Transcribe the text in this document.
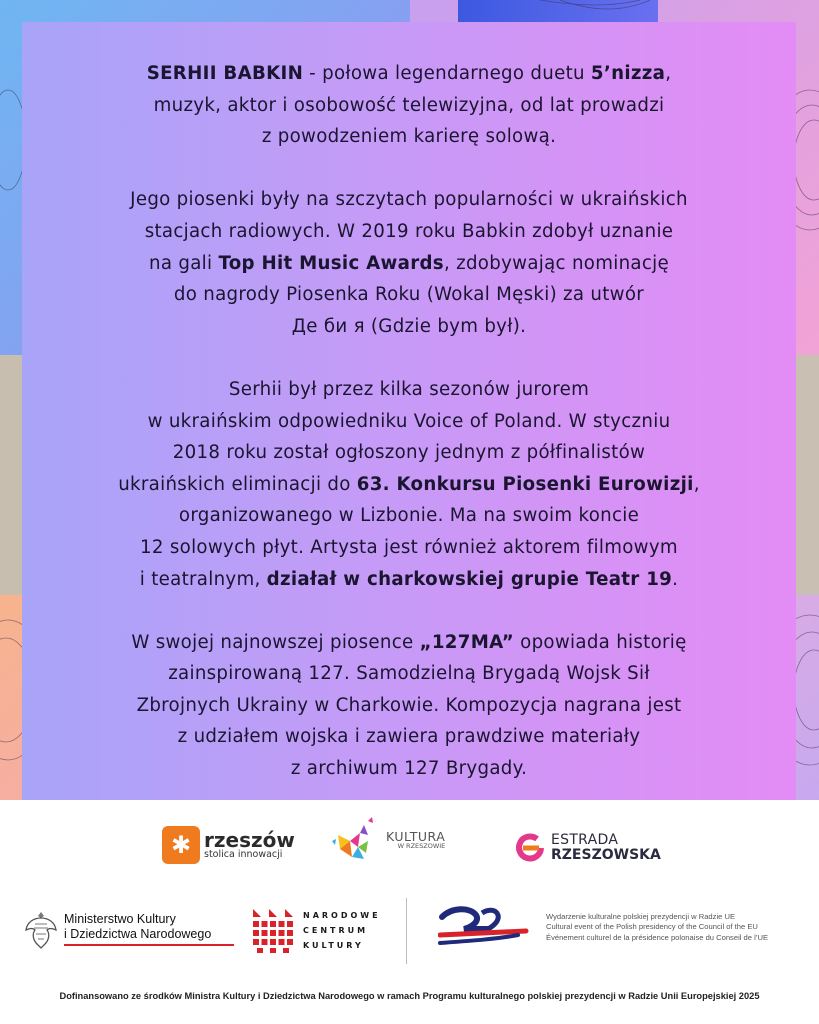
SERHII BABKIN - połowa legendarnego duetu 5’nizza,
muzyk, aktor i osobowość telewizyjna, od lat prowadzi
z powodzeniem karierę solową.

Jego piosenki były na szczytach popularności w ukraińskich
stacjach radiowych. W 2019 roku Babkin zdobył uznanie
na gali Top Hit Music Awards, zdobywając nominację
do nagrody Piosenka Roku (Wokal Męski) za utwór
Де би я (Gdzie bym był).

Serhii był przez kilka sezonów jurorem
w ukraińskim odpowiedniku Voice of Poland. W styczniu
2018 roku został ogłoszony jednym z półfinalistów
ukraińskich eliminacji do 63. Konkursu Piosenki Eurowizji,
organizowanego w Lizbonie. Ma na swoim koncie
12 solowych płyt. Artysta jest również aktorem filmowym
i teatralnym, działał w charkowskiej grupie Teatr 19.

W swojej najnowszej piosence „127MA” opowiada historię
zainspirowaną 127. Samodzielną Brygadą Wojsk Sił
Zbrojnych Ukrainy w Charkowie. Kompozycja nagrana jest
z udziałem wojska i zawiera prawdziwe materiały
z archiwum 127 Brygady.

✱ rzeszów
stolica innowacji
KULTURA
W RZESZOWIE	ESTRADA
RZESZOWSKA
Ministerstwo Kultury
i Dziedzictwa Narodowego
NARODOWE
CENTRUM
KULTURY
Wydarzenie kulturalne polskiej prezydencji w Radzie UE
Cultural event of the Polish presidency of the Council of the EU
Événement culturel de la présidence polonaise du Conseil de l’UE
Dofinansowano ze środków Ministra Kultury i Dziedzictwa Narodowego w ramach Programu kulturalnego polskiej prezydencji w Radzie Unii Europejskiej 2025
